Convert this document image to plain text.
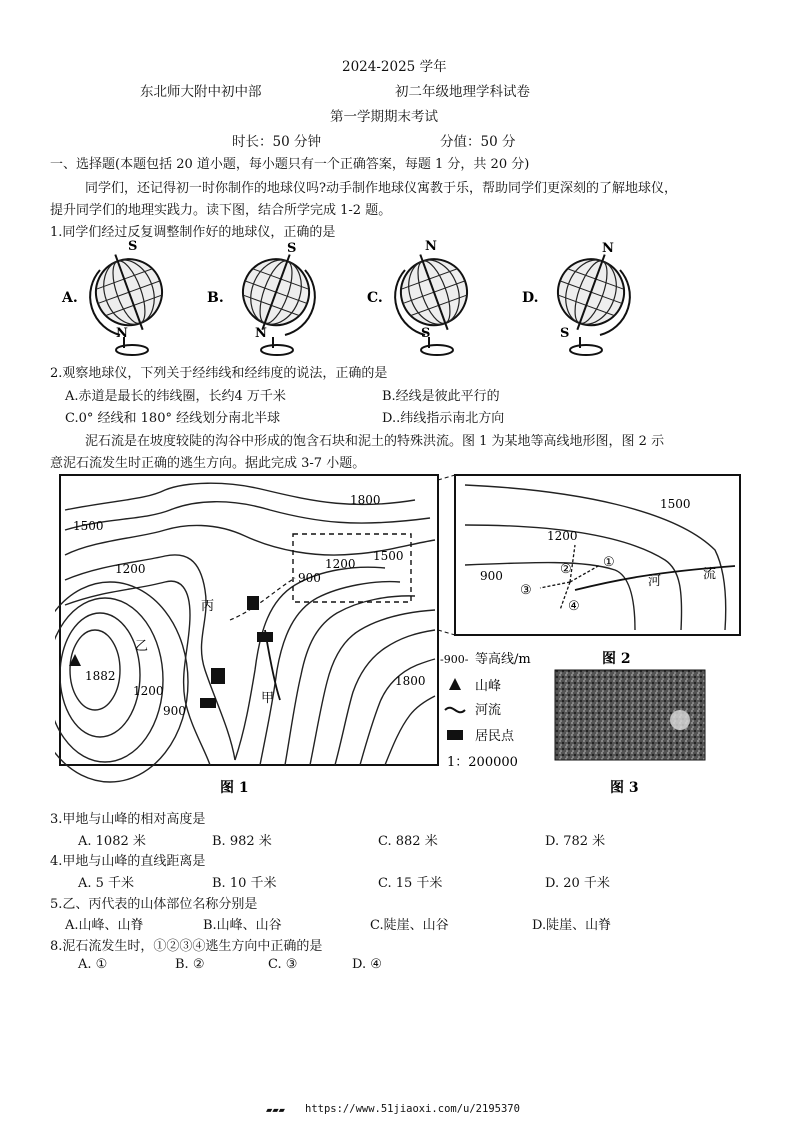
2024-2025 学年
东北师大附中初中部	初二年级地理学科试卷
第一学期期末考试
时长：50 分钟	分值：50 分
一、选择题(本题包括 20 道小题，每小题只有一个正确答案，每题 1 分，共 20 分)
同学们，还记得初一时你制作的地球仪吗?动手制作地球仪寓教于乐，帮助同学们更深刻的了解地球仪，
提升同学们的地理实践力。读下图，结合所学完成 1-2 题。
1.同学们经过反复调整制作好的地球仪，正确的是
A.
S
N
B.
S
N
C.
N
S
D.
N
S
2.观察地球仪，下列关于经纬线和经纬度的说法，正确的是
A.赤道是最长的纬线圈，长约4 万千米	B.经线是彼此平行的
C.0° 经线和 180° 经线划分南北半球	D..纬线指示南北方向
泥石流是在坡度较陡的沟谷中形成的饱含石块和泥土的特殊洪流。图 1 为某地等高线地形图，图 2 示
意泥石流发生时正确的逃生方向。据此完成 3-7 小题。
1500
1800
1200
1500
1200
900
1200
900
1800
1882
乙
丙
甲
图 1
1500
1200
900	河	流
①
②
③
④
图 2
-900- 等高线/m
山峰
河流
居民点
1：200000
图 3
3.甲地与山峰的相对高度是
A. 1082 米	B. 982 米	C. 882 米	D. 782 米
4.甲地与山峰的直线距离是
A. 5 千米	B. 10 千米	C. 15 千米	D. 20 千米
5.乙、丙代表的山体部位名称分别是
A.山峰、山脊	B.山峰、山谷	C.陡崖、山谷	D.陡崖、山脊
8.泥石流发生时，①②③④逃生方向中正确的是
A. ①	B. ②	C. ③	D. ④
▰▰▰ https://www.51jiaoxi.com/u/2195370
